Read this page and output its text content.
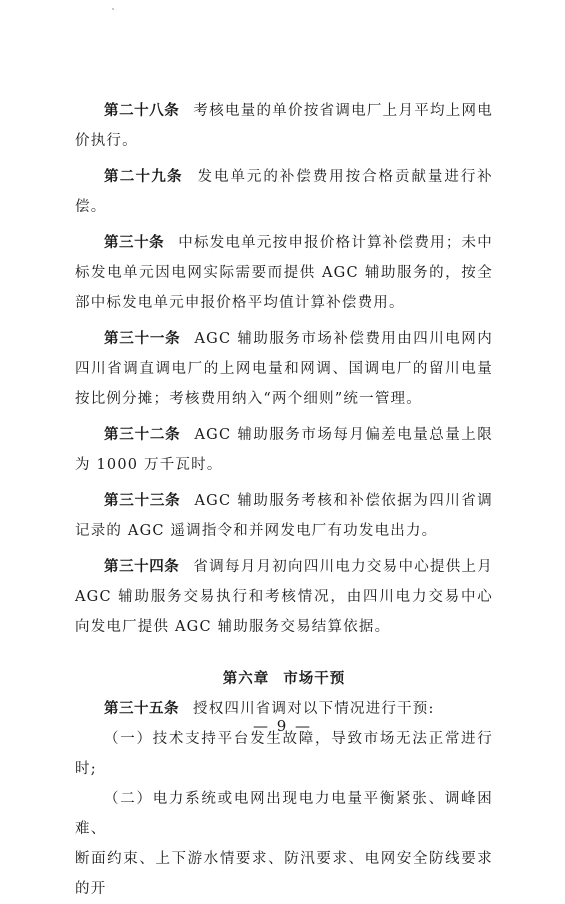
第二十八条 考核电量的单价按省调电厂上月平均上网电价执行。

第二十九条 发电单元的补偿费用按合格贡献量进行补偿。

第三十条 中标发电单元按申报价格计算补偿费用；未中标发电单元因电网实际需要而提供 AGC 辅助服务的，按全部中标发电单元申报价格平均值计算补偿费用。

第三十一条 AGC 辅助服务市场补偿费用由四川电网内四川省调直调电厂的上网电量和网调、国调电厂的留川电量按比例分摊；考核费用纳入“两个细则”统一管理。

第三十二条 AGC 辅助服务市场每月偏差电量总量上限为 1000 万千瓦时。

第三十三条 AGC 辅助服务考核和补偿依据为四川省调记录的 AGC 遥调指令和并网发电厂有功发电出力。

第三十四条 省调每月月初向四川电力交易中心提供上月 AGC 辅助服务交易执行和考核情况，由四川电力交易中心向发电厂提供 AGC 辅助服务交易结算依据。

第六章 市场干预

第三十五条 授权四川省调对以下情况进行干预:

（一）技术支持平台发生故障，导致市场无法正常进行时;

（二）电力系统或电网出现电力电量平衡紧张、调峰困难、

断面约束、上下游水情要求、防汛要求、电网安全防线要求的开

— 9 —
